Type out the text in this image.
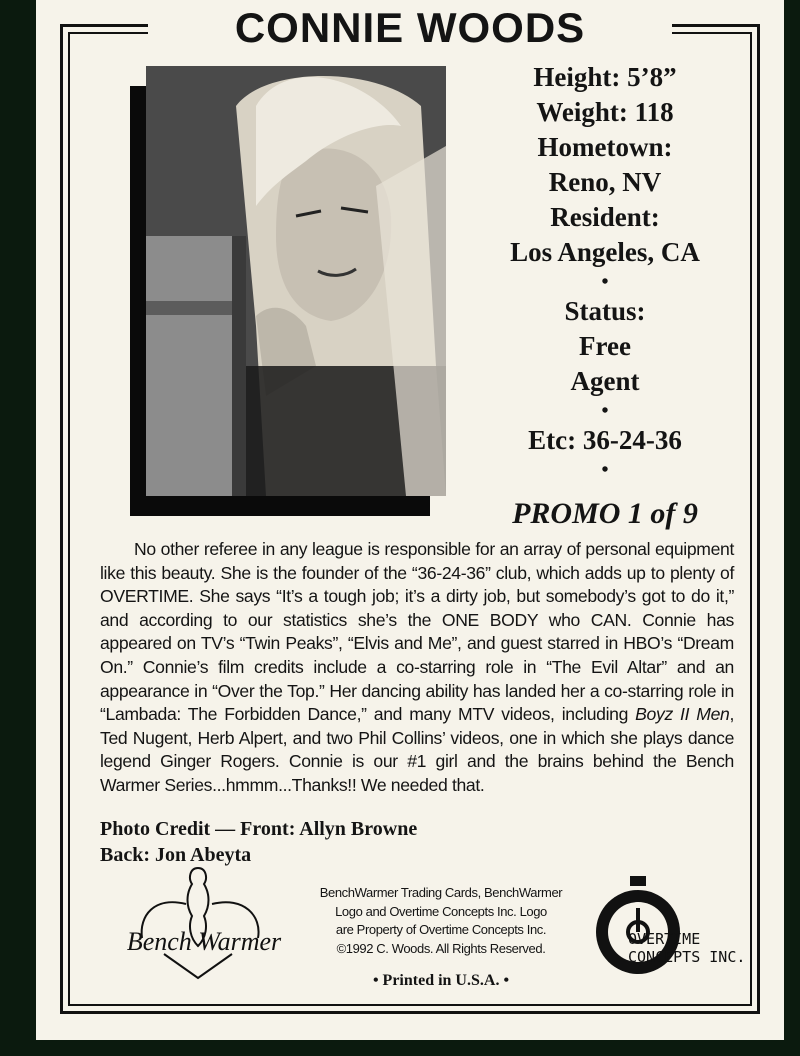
CONNIE WOODS
Height: 5’8”
Weight: 118
Hometown:
Reno, NV
Resident:
Los Angeles, CA
•
Status:
Free
Agent
•
Etc: 36-24-36
•
PROMO 1 of 9

No other referee in any league is responsible for an array of personal equipment like this beauty. She is the founder of the “36-24-36” club, which adds up to plenty of OVERTIME. She says “It’s a tough job; it’s a dirty job, but somebody’s got to do it,” and according to our statistics she’s the ONE BODY who CAN. Connie has appeared on TV’s “Twin Peaks”, “Elvis and Me”, and guest starred in HBO’s “Dream On.” Connie’s film credits include a co-starring role in “The Evil Altar” and an appearance in “Over the Top.” Her dancing ability has landed her a co-starring role in “Lambada: The Forbidden Dance,” and many MTV videos, including Boyz II Men, Ted Nugent, Herb Alpert, and two Phil Collins’ videos, one in which she plays dance legend Ginger Rogers. Connie is our #1 girl and the brains behind the Bench Warmer Series...hmmm...Thanks!! We needed that.

Photo Credit — Front: Allyn Browne
Back: Jon Abeyta
Bench Warmer
BenchWarmer Trading Cards, BenchWarmer
Logo and Overtime Concepts Inc. Logo
are Property of Overtime Concepts Inc.
©1992 C. Woods. All Rights Reserved.
• Printed in U.S.A. •
OVERTIME CONCEPTS INC.
